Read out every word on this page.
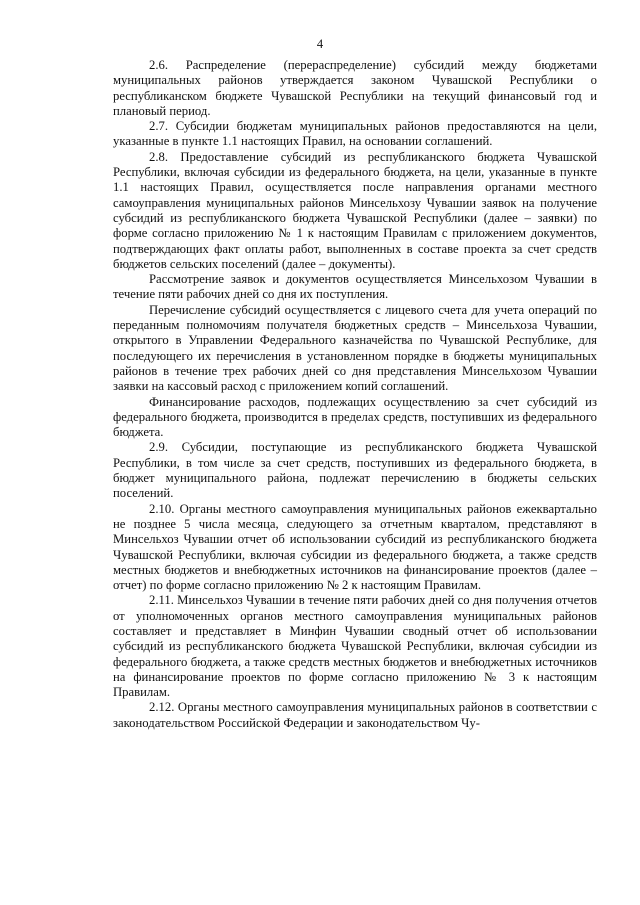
4

2.6. Распределение (перераспределение) субсидий между бюджетами муниципальных районов утверждается законом Чувашской Республики о республиканском бюджете Чувашской Республики на текущий финансовый год и плановый период.

2.7. Субсидии бюджетам муниципальных районов предоставляются на цели, указанные в пункте 1.1 настоящих Правил, на основании соглашений.

2.8. Предоставление субсидий из республиканского бюджета Чувашской Республики, включая субсидии из федерального бюджета, на цели, указанные в пункте 1.1 настоящих Правил, осуществляется после направления органами местного самоуправления муниципальных районов Минсельхозу Чувашии заявок на получение субсидий из республиканского бюджета Чувашской Республики (далее – заявки) по форме согласно приложению № 1 к настоящим Правилам с приложением документов, подтверждающих факт оплаты работ, выполненных в составе проекта за счет средств бюджетов сельских поселений (далее – документы).

Рассмотрение заявок и документов осуществляется Минсельхозом Чувашии в течение пяти рабочих дней со дня их поступления.

Перечисление субсидий осуществляется с лицевого счета для учета операций по переданным полномочиям получателя бюджетных средств – Минсельхоза Чувашии, открытого в Управлении Федерального казначейства по Чувашской Республике, для последующего их перечисления в установленном порядке в бюджеты муниципальных районов в течение трех рабочих дней со дня представления Минсельхозом Чувашии заявки на кассовый расход с приложением копий соглашений.

Финансирование расходов, подлежащих осуществлению за счет субсидий из федерального бюджета, производится в пределах средств, поступивших из федерального бюджета.

2.9. Субсидии, поступающие из республиканского бюджета Чувашской Республики, в том числе за счет средств, поступивших из федерального бюджета, в бюджет муниципального района, подлежат перечислению в бюджеты сельских поселений.

2.10. Органы местного самоуправления муниципальных районов ежеквартально не позднее 5 числа месяца, следующего за отчетным кварталом, представляют в Минсельхоз Чувашии отчет об использовании субсидий из республиканского бюджета Чувашской Республики, включая субсидии из федерального бюджета, а также средств местных бюджетов и внебюджетных источников на финансирование проектов (далее – отчет) по форме согласно приложению № 2 к настоящим Правилам.

2.11. Минсельхоз Чувашии в течение пяти рабочих дней со дня получения отчетов от уполномоченных органов местного самоуправления муниципальных районов составляет и представляет в Минфин Чувашии сводный отчет об использовании субсидий из республиканского бюджета Чувашской Республики, включая субсидии из федерального бюджета, а также средств местных бюджетов и внебюджетных источников на финансирование проектов по форме согласно приложению № 3 к настоящим Правилам.

2.12. Органы местного самоуправления муниципальных районов в соответствии с законодательством Российской Федерации и законодательством Чу-
